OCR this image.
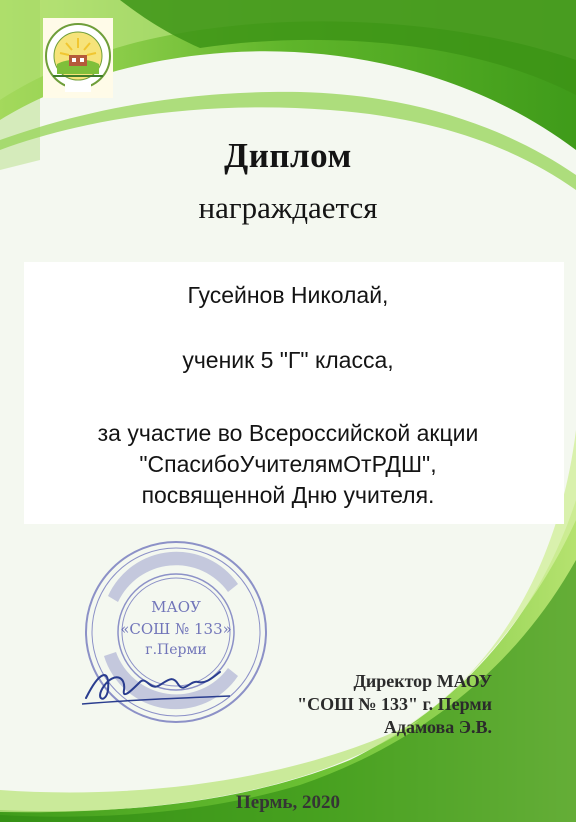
Диплом
награждается
Гусейнов Николай,
ученик 5 "Г" класса,
за участие во Всероссийской акции
"СпасибоУчителямОтРДШ",
посвященной Дню учителя.
МАОУ
«СОШ № 133»
г.Перми
Директор МАОУ
"СОШ № 133" г. Перми
Адамова Э.В.
Пермь, 2020
